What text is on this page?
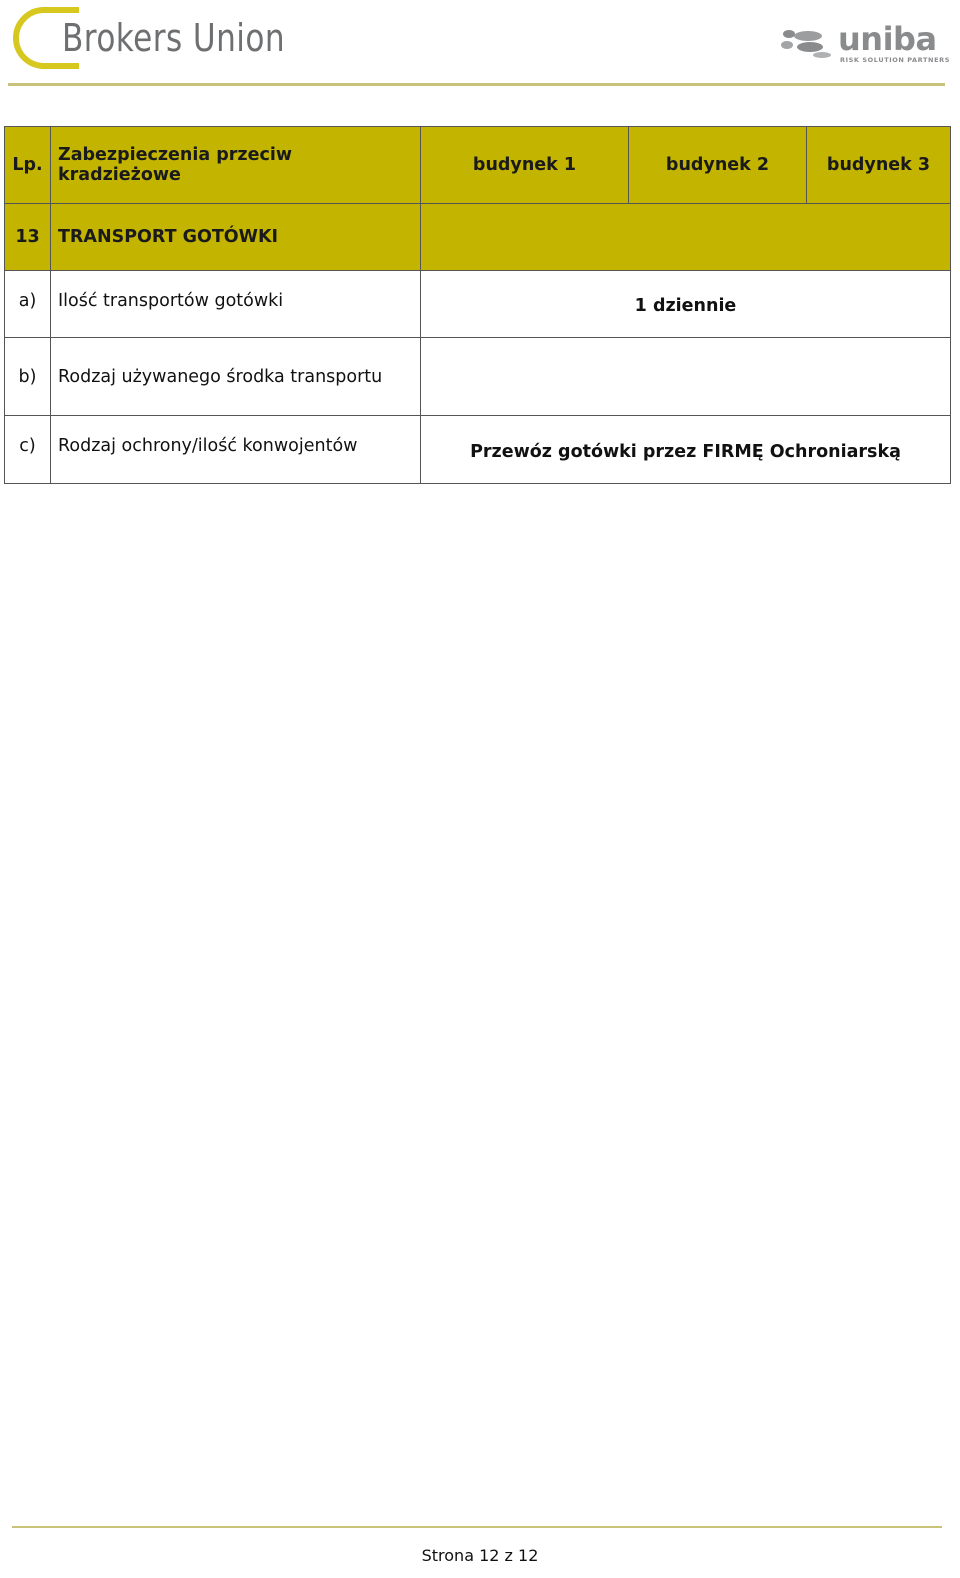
Brokers Union	uniba
RISK SOLUTION PARTNERS
Lp.	Zabezpieczenia przeciw kradzieżowe	budynek 1	budynek 2	budynek 3
13	TRANSPORT GOTÓWKI			
a)	Ilość transportów gotówki	1 dziennie		
b)	Rodzaj używanego środka transportu			
c)	Rodzaj ochrony/ilość konwojentów	Przewóz gotówki przez FIRMĘ Ochroniarską		
Strona 12 z 12
